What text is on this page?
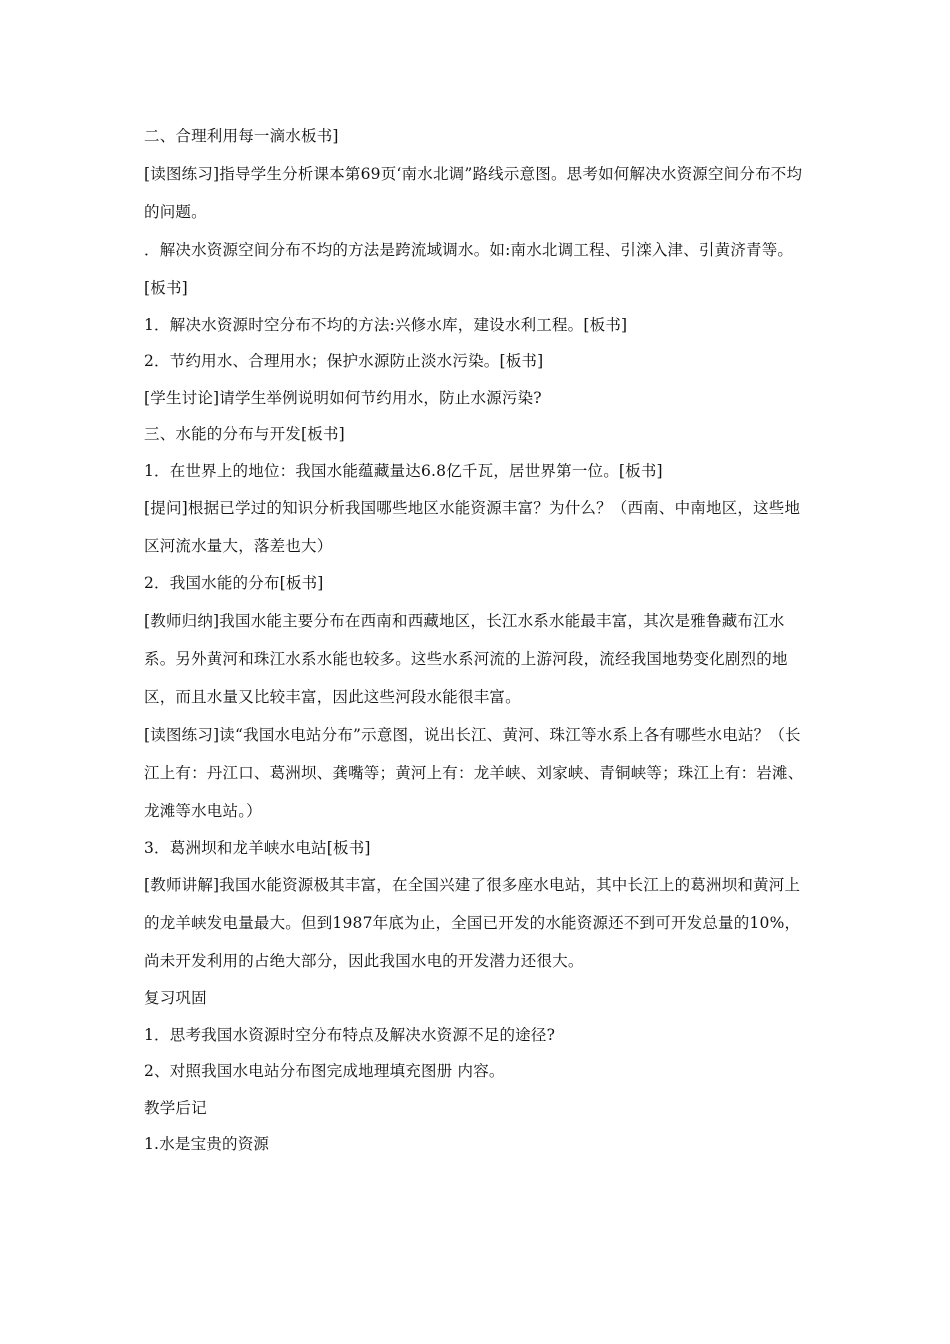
二、合理利用每一滴水板书]

[读图练习]指导学生分析课本第69页‘南水北调”路线示意图。思考如何解决水资源空间分布不均的问题。

．解决水资源空间分布不均的方法是跨流域调水。如:南水北调工程、引滦入津、引黄济青等。[板书]

1．解决水资源时空分布不均的方法:兴修水库，建设水利工程。[板书]

2．节约用水、合理用水；保护水源防止淡水污染。[板书]

[学生讨论]请学生举例说明如何节约用水，防止水源污染?

三、水能的分布与开发[板书]

1．在世界上的地位：我国水能蕴藏量达6.8亿千瓦，居世界第一位。[板书]

[提问]根据已学过的知识分析我国哪些地区水能资源丰富？为什么？（西南、中南地区，这些地区河流水量大，落差也大）

2．我国水能的分布[板书]

[教师归纳]我国水能主要分布在西南和西藏地区，长江水系水能最丰富，其次是雅鲁藏布江水系。另外黄河和珠江水系水能也较多。这些水系河流的上游河段，流经我国地势变化剧烈的地区，而且水量又比较丰富，因此这些河段水能很丰富。

[读图练习]读“我国水电站分布”示意图，说出长江、黄河、珠江等水系上各有哪些水电站？（长江上有：丹江口、葛洲坝、龚嘴等；黄河上有：龙羊峡、刘家峡、青铜峡等；珠江上有：岩滩、龙滩等水电站。）

3．葛洲坝和龙羊峡水电站[板书]

[教师讲解]我国水能资源极其丰富，在全国兴建了很多座水电站，其中长江上的葛洲坝和黄河上的龙羊峡发电量最大。但到1987年底为止，全国已开发的水能资源还不到可开发总量的10%，尚未开发利用的占绝大部分，因此我国水电的开发潜力还很大。

复习巩固

1．思考我国水资源时空分布特点及解决水资源不足的途径?

2、对照我国水电站分布图完成地理填充图册 内容。

教学后记

1.水是宝贵的资源
